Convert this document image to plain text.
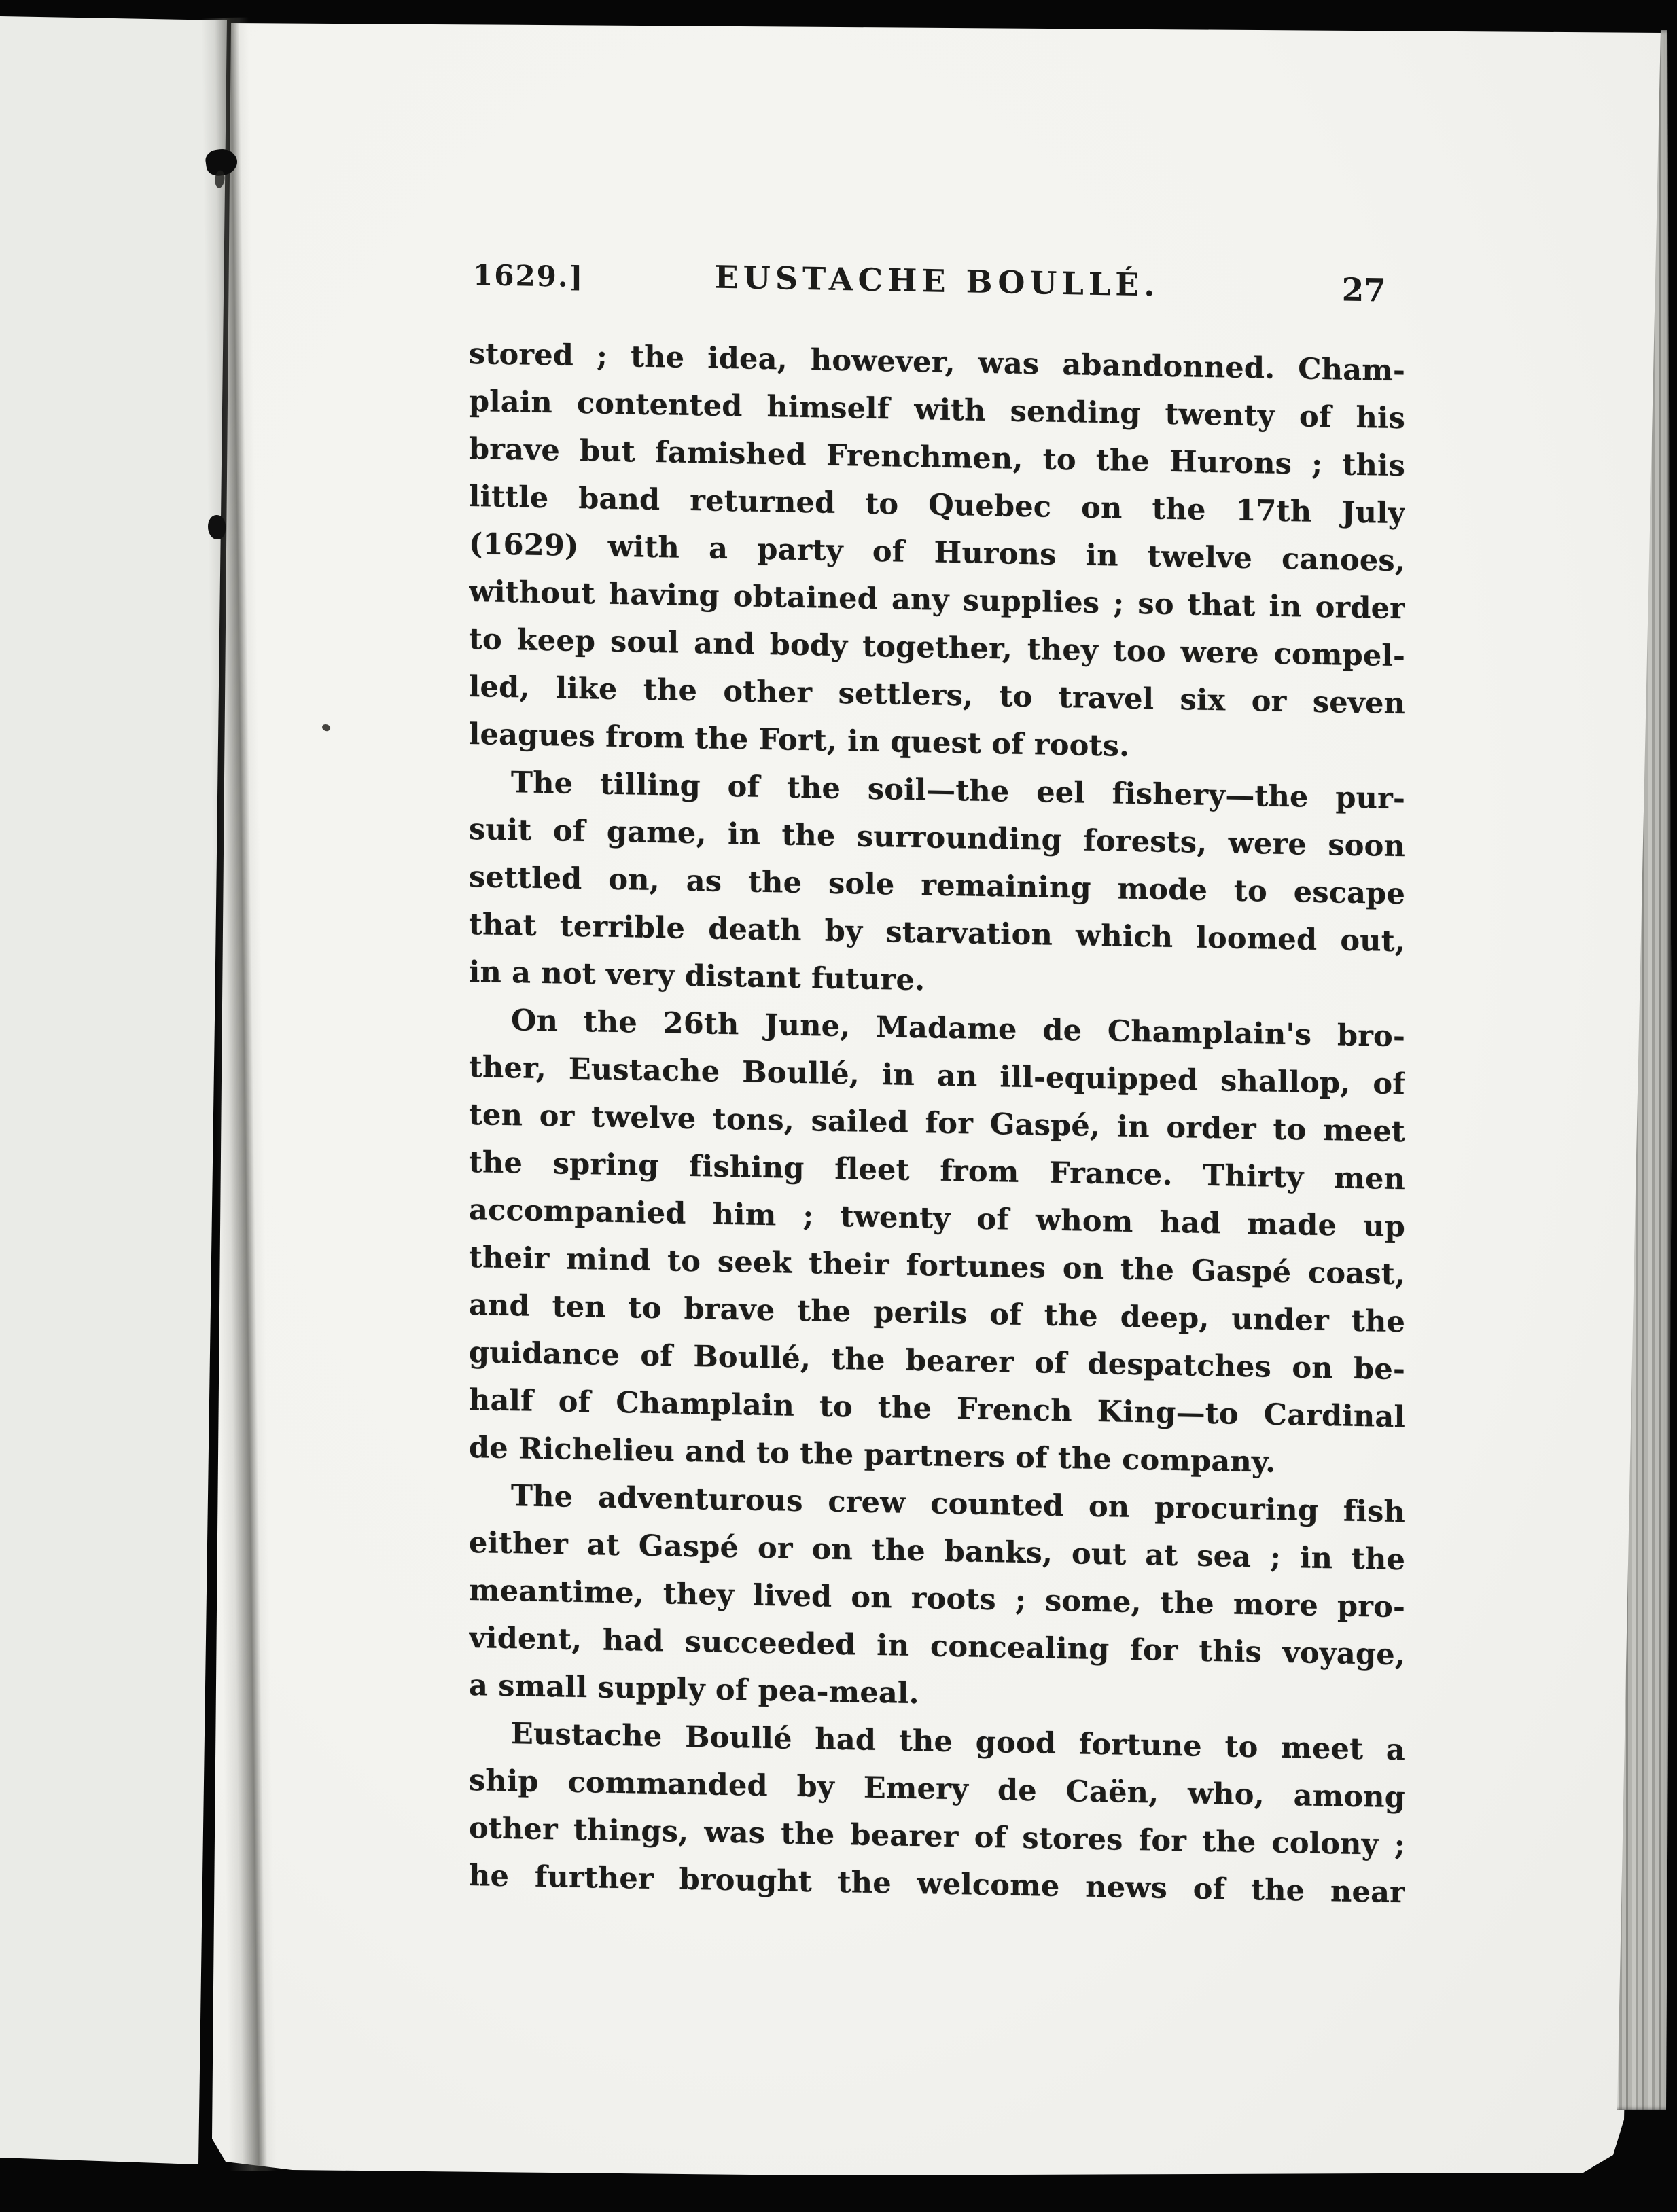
1629.]	EUSTACHE BOULLÉ.	27
stored ; the idea, however, was abandonned. Cham-
plain contented himself with sending twenty of his
brave but famished Frenchmen, to the Hurons ; this
little band returned to Quebec on the 17th July
(1629) with a party of Hurons in twelve canoes,
without having obtained any supplies ; so that in order
to keep soul and body together, they too were compel-
led, like the other settlers, to travel six or seven
leagues from the Fort, in quest of roots.
The tilling of the soil—the eel fishery—the pur-
suit of game, in the surrounding forests, were soon
settled on, as the sole remaining mode to escape
that terrible death by starvation which loomed out,
in a not very distant future.
On the 26th June, Madame de Champlain's bro-
ther, Eustache Boullé, in an ill-equipped shallop, of
ten or twelve tons, sailed for Gaspé, in order to meet
the spring fishing fleet from France. Thirty men
accompanied him ; twenty of whom had made up
their mind to seek their fortunes on the Gaspé coast,
and ten to brave the perils of the deep, under the
guidance of Boullé, the bearer of despatches on be-
half of Champlain to the French King—to Cardinal
de Richelieu and to the partners of the company.
The adventurous crew counted on procuring fish
either at Gaspé or on the banks, out at sea ; in the
meantime, they lived on roots ; some, the more pro-
vident, had succeeded in concealing for this voyage,
a small supply of pea-meal.
Eustache Boullé had the good fortune to meet a
ship commanded by Emery de Caën, who, among
other things, was the bearer of stores for the colony ;
he further brought the welcome news of the near
